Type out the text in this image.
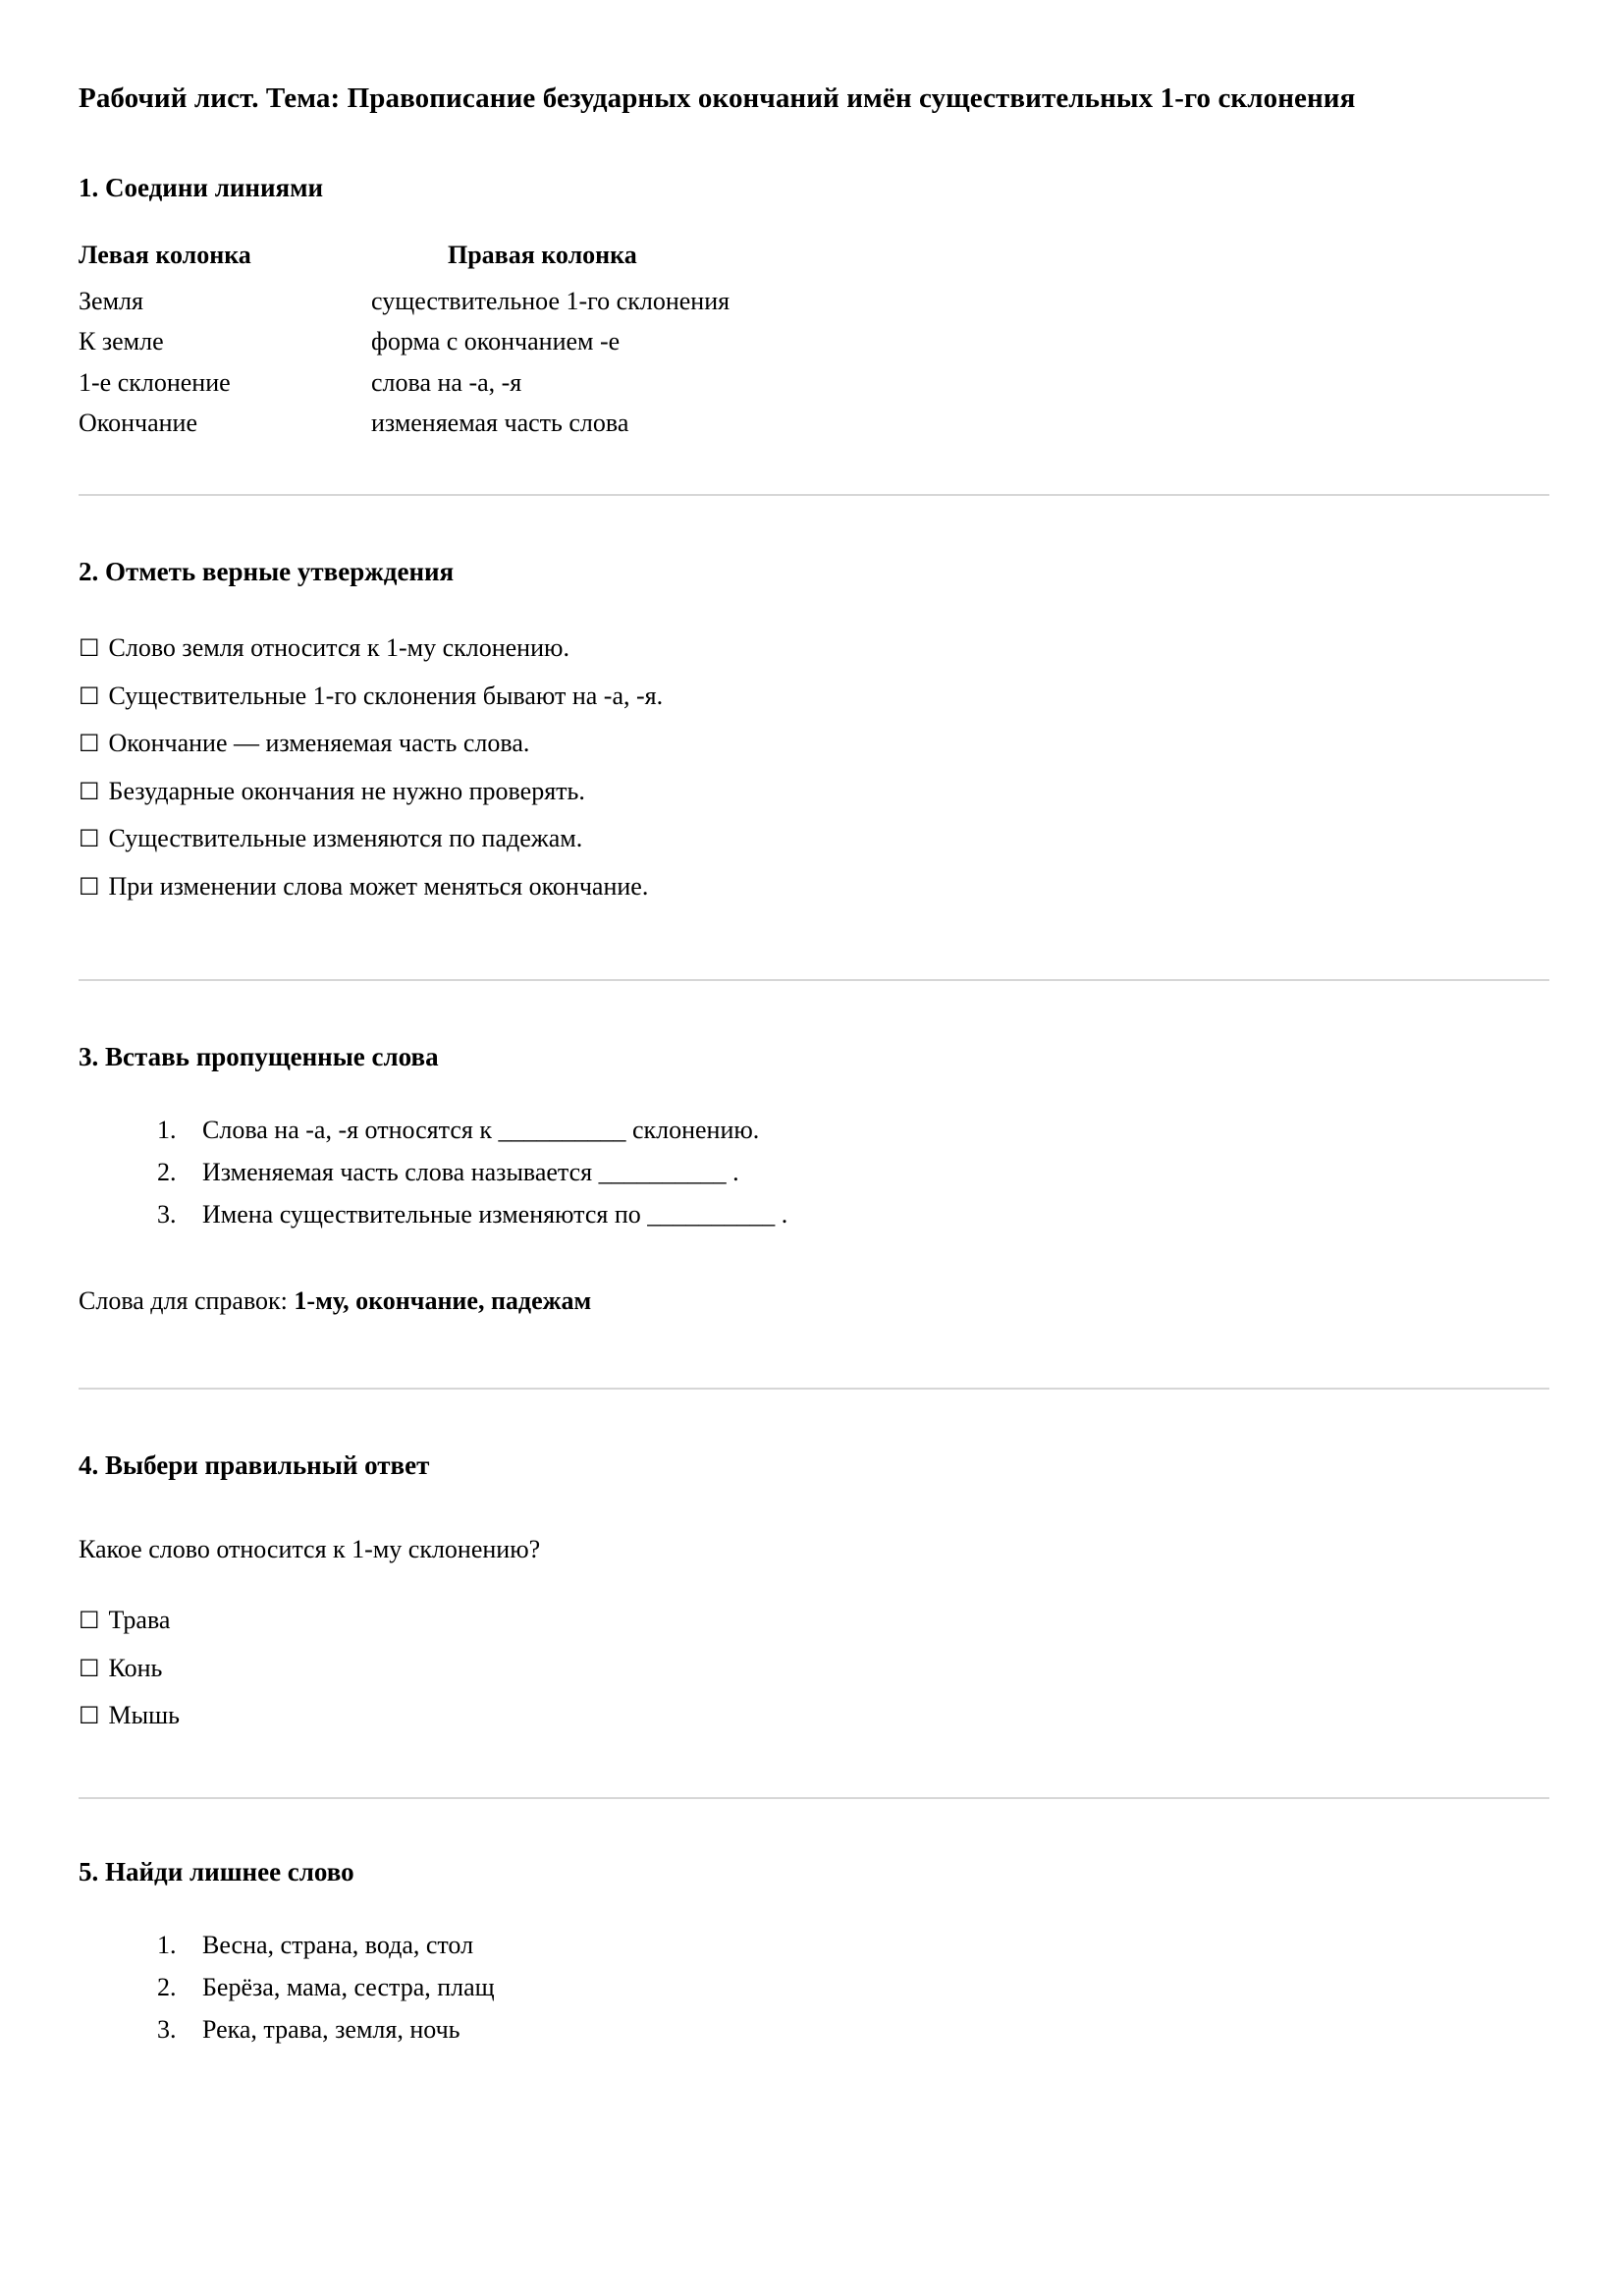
Рабочий лист. Тема: Правописание безударных окончаний имён существительных 1-го склонения
1. Соедини линиями
Левая колонка	Правая колонка
Земля	существительное 1-го склонения
К земле	форма с окончанием -е
1-е склонение	слова на -а, -я
Окончание	изменяемая часть слова
2. Отметь верные утверждения
☐ Слово земля относится к 1-му склонению.
☐ Существительные 1-го склонения бывают на -а, -я.
☐ Окончание — изменяемая часть слова.
☐ Безударные окончания не нужно проверять.
☐ Существительные изменяются по падежам.
☐ При изменении слова может меняться окончание.
3. Вставь пропущенные слова
1. Слова на -а, -я относятся к __________ склонению.
2. Изменяемая часть слова называется __________ .
3. Имена существительные изменяются по __________ .

Слова для справок: 1-му, окончание, падежам

4. Выбери правильный ответ

Какое слово относится к 1-му склонению?

☐ Трава
☐ Конь
☐ Мышь
5. Найди лишнее слово
1. Весна, страна, вода, стол
2. Берёза, мама, сестра, плащ
3. Река, трава, земля, ночь
